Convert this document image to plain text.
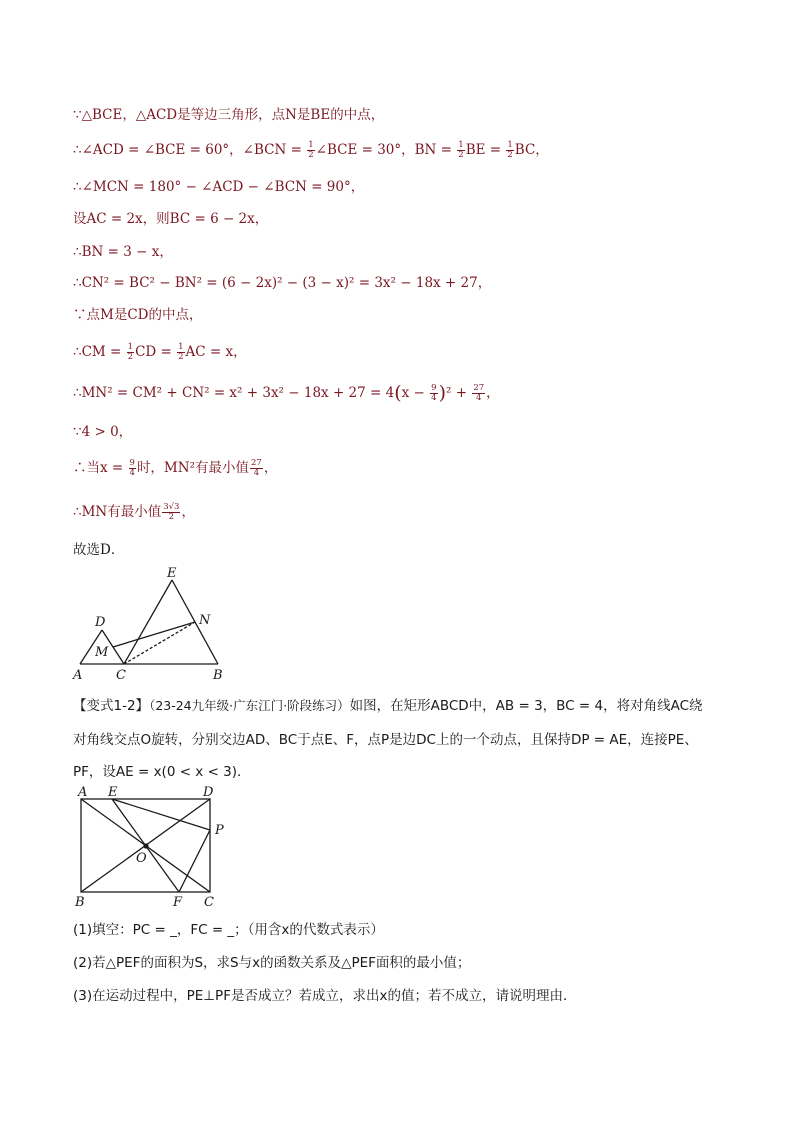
∵△BCE，△ACD是等边三角形，点N是BE的中点，
∴∠ACD = ∠BCE = 60°，∠BCN = $\frac{1}{2}$ ∠BCE = 30°，BN = $\frac{1}{2}$ BE = $\frac{1}{2}$ BC，
∴∠MCN = 180° − ∠ACD − ∠BCN = 90°，
设AC = 2x，则BC = 6 − 2x，
∴BN = 3 − x，
∴CN² = BC² − BN² = (6 − 2x)² − (3 − x)² = 3x² − 18x + 27，
∵点M是CD的中点，
∴CM = $\frac{1}{2}$ CD = $\frac{1}{2}$ AC = x，
∴MN² = $CM^2 + CN^2 = x^2 + 3x^2 - 18x + 27 = 4(x - \frac{9}{4} )^2 + \frac{27}{4}$ ，
∵4 > 0，
∴当$x = \frac{9}{4}$ 时，MN²有最小值 $\frac{27}{4}$ ，
∴MN有最小值 $\frac{3√3}{2}$ ，
故选D．
E
D	N
M
A	C	B
【变式1-2】（23-24九年级·广东江门·阶段练习）如图，在矩形ABCD中，AB = 3，BC = 4，将对角线AC绕
对角线交点O旋转，分别交边AD、BC于点E、F，点P是边DC上的一个动点，且保持DP = AE，连接PE、
PF，设AE = x(0 < x < 3)．
A E	D
P
O
B	F C
(1)填空：PC = _，FC = _；（用含x的代数式表示）
(2)若△PEF的面积为S，求S与x的函数关系及△PEF面积的最小值；
(3)在运动过程中，PE⊥PF是否成立？若成立，求出x的值；若不成立，请说明理由．
